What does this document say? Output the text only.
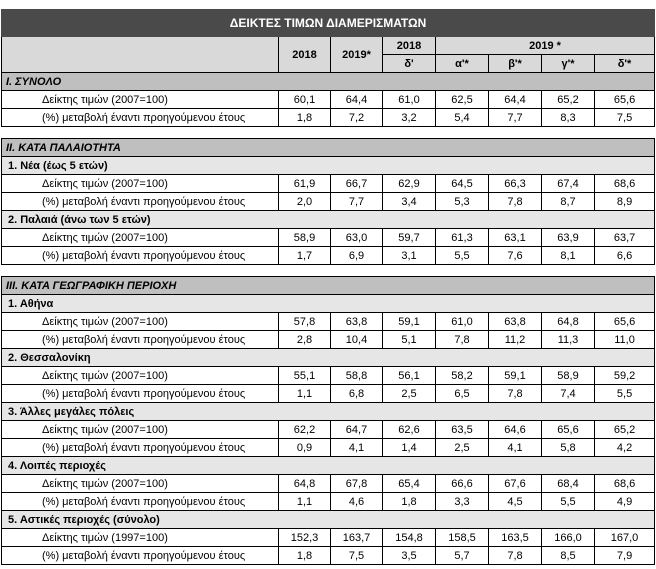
ΔΕΙΚΤΕΣ ΤΙΜΩΝ ΔΙΑΜΕΡΙΣΜΑΤΩΝ							
	2018	2019*	2018	2019 *			
			δ'	α'*	β'*	γ'*	δ'*
I. ΣΥΝΟΛΟ							
Δείκτης τιμών (2007=100)	60,1	64,4	61,0	62,5	64,4	65,2	65,6
(%) μεταβολή έναντι προηγούμενου έτους	1,8	7,2	3,2	5,4	7,7	8,3	7,5

II. ΚΑΤΑ ΠΑΛΑΙΟΤΗΤΑ							
1. Νέα (έως 5 ετών)							
Δείκτης τιμών (2007=100)	61,9	66,7	62,9	64,5	66,3	67,4	68,6
(%) μεταβολή έναντι προηγούμενου έτους	2,0	7,7	3,4	5,3	7,8	8,7	8,9
2. Παλαιά (άνω των 5 ετών)							
Δείκτης τιμών (2007=100)	58,9	63,0	59,7	61,3	63,1	63,9	63,7
(%) μεταβολή έναντι προηγούμενου έτους	1,7	6,9	3,1	5,5	7,6	8,1	6,6

III. ΚΑΤΑ ΓΕΩΓΡΑΦΙΚΗ ΠΕΡΙΟΧΗ							
1. Αθήνα							
Δείκτης τιμών (2007=100)	57,8	63,8	59,1	61,0	63,8	64,8	65,6
(%) μεταβολή έναντι προηγούμενου έτους	2,8	10,4	5,1	7,8	11,2	11,3	11,0
2. Θεσσαλονίκη							
Δείκτης τιμών (2007=100)	55,1	58,8	56,1	58,2	59,1	58,9	59,2
(%) μεταβολή έναντι προηγούμενου έτους	1,1	6,8	2,5	6,5	7,8	7,4	5,5
3. Άλλες μεγάλες πόλεις							
Δείκτης τιμών (2007=100)	62,2	64,7	62,6	63,5	64,6	65,6	65,2
(%) μεταβολή έναντι προηγούμενου έτους	0,9	4,1	1,4	2,5	4,1	5,8	4,2
4. Λοιπές περιοχές							
Δείκτης τιμών (2007=100)	64,8	67,8	65,4	66,6	67,6	68,4	68,6
(%) μεταβολή έναντι προηγούμενου έτους	1,1	4,6	1,8	3,3	4,5	5,5	4,9
5. Αστικές περιοχές (σύνολο)							
Δείκτης τιμών (1997=100)	152,3	163,7	154,8	158,5	163,5	166,0	167,0
(%) μεταβολή έναντι προηγούμενου έτους	1,8	7,5	3,5	5,7	7,8	8,5	7,9
